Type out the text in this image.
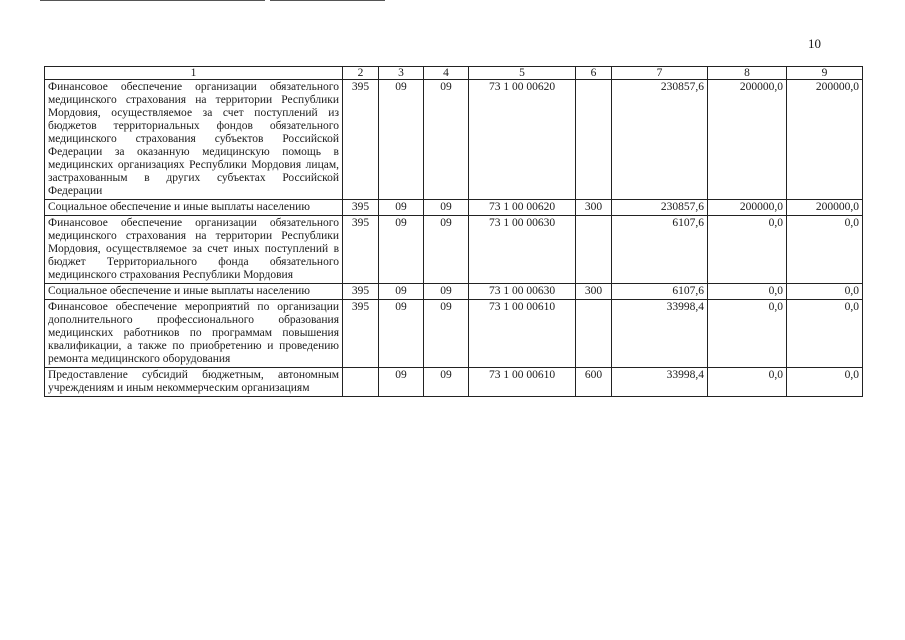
10
1	2	3	4	5	6	7	8	9
Финансовое обеспечение организации обязательного медицинского страхования на территории Республики Мордовия, осуществляемое за счет поступлений из бюджетов территориальных фондов обязательного медицинского страхования субъектов Российской Федерации за оказанную медицинскую помощь в медицинских организациях Республики Мордовия лицам, застрахованным в других субъектах Российской Федерации	395	09	09	73 1 00 00620		230857,6	200000,0	200000,0
Социальное обеспечение и иные выплаты населению	395	09	09	73 1 00 00620	300	230857,6	200000,0	200000,0
Финансовое обеспечение организации обязательного медицинского страхования на территории Республики Мордовия, осуществляемое за счет иных поступлений в бюджет Территориального фонда обязательного медицинского страхования Республики Мордовия	395	09	09	73 1 00 00630		6107,6	0,0	0,0
Социальное обеспечение и иные выплаты населению	395	09	09	73 1 00 00630	300	6107,6	0,0	0,0
Финансовое обеспечение мероприятий по организации дополнительного профессионального образования медицинских работников по программам повышения квалификации, а также по приобретению и проведению ремонта медицинского оборудования	395	09	09	73 1 00 00610		33998,4	0,0	0,0
Предоставление субсидий бюджетным, автономным учреждениям и иным некоммерческим организациям		09	09	73 1 00 00610	600	33998,4	0,0	0,0
